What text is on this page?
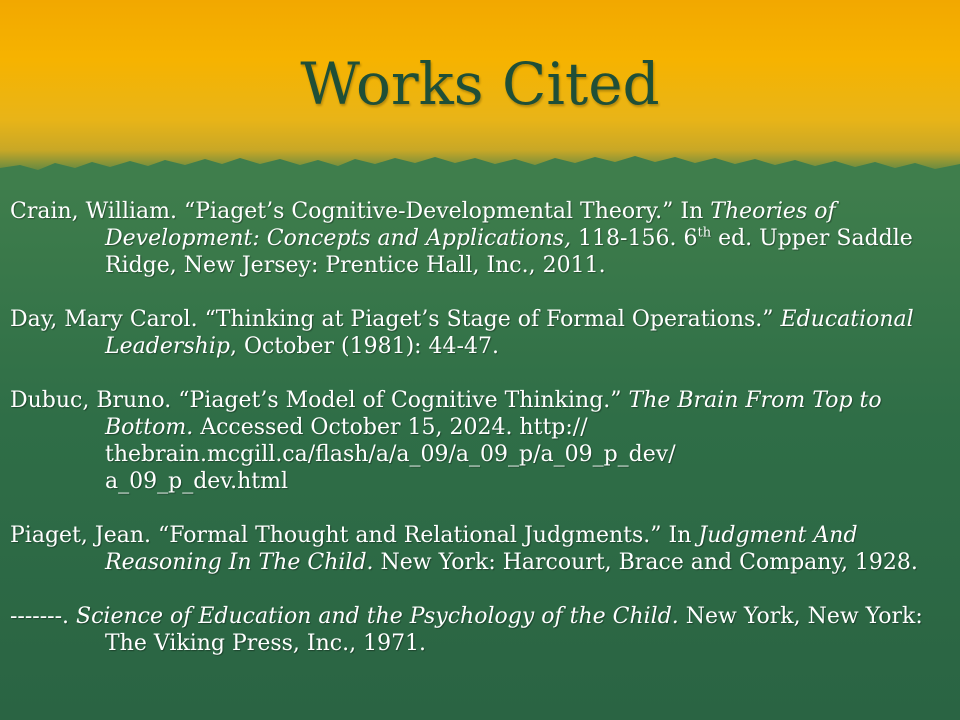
Works Cited

Crain, William. “Piaget’s Cognitive-Developmental Theory.” In Theories of Development: Concepts and Applications, 118-156. 6th ed. Upper Saddle Ridge, New Jersey: Prentice Hall, Inc., 2011.

Day, Mary Carol. “Thinking at Piaget’s Stage of Formal Operations.” Educational Leadership, October (1981): 44-47.

Dubuc, Bruno. “Piaget’s Model of Cognitive Thinking.” The Brain From Top to Bottom. Accessed October 15, 2024. http://
thebrain.mcgill.ca/flash/a/a_09/a_09_p/a_09_p_dev/
a_09_p_dev.html

Piaget, Jean. “Formal Thought and Relational Judgments.” In Judgment And Reasoning In The Child. New York: Harcourt, Brace and Company, 1928.

-------. Science of Education and the Psychology of the Child. New York, New York: The Viking Press, Inc., 1971.
